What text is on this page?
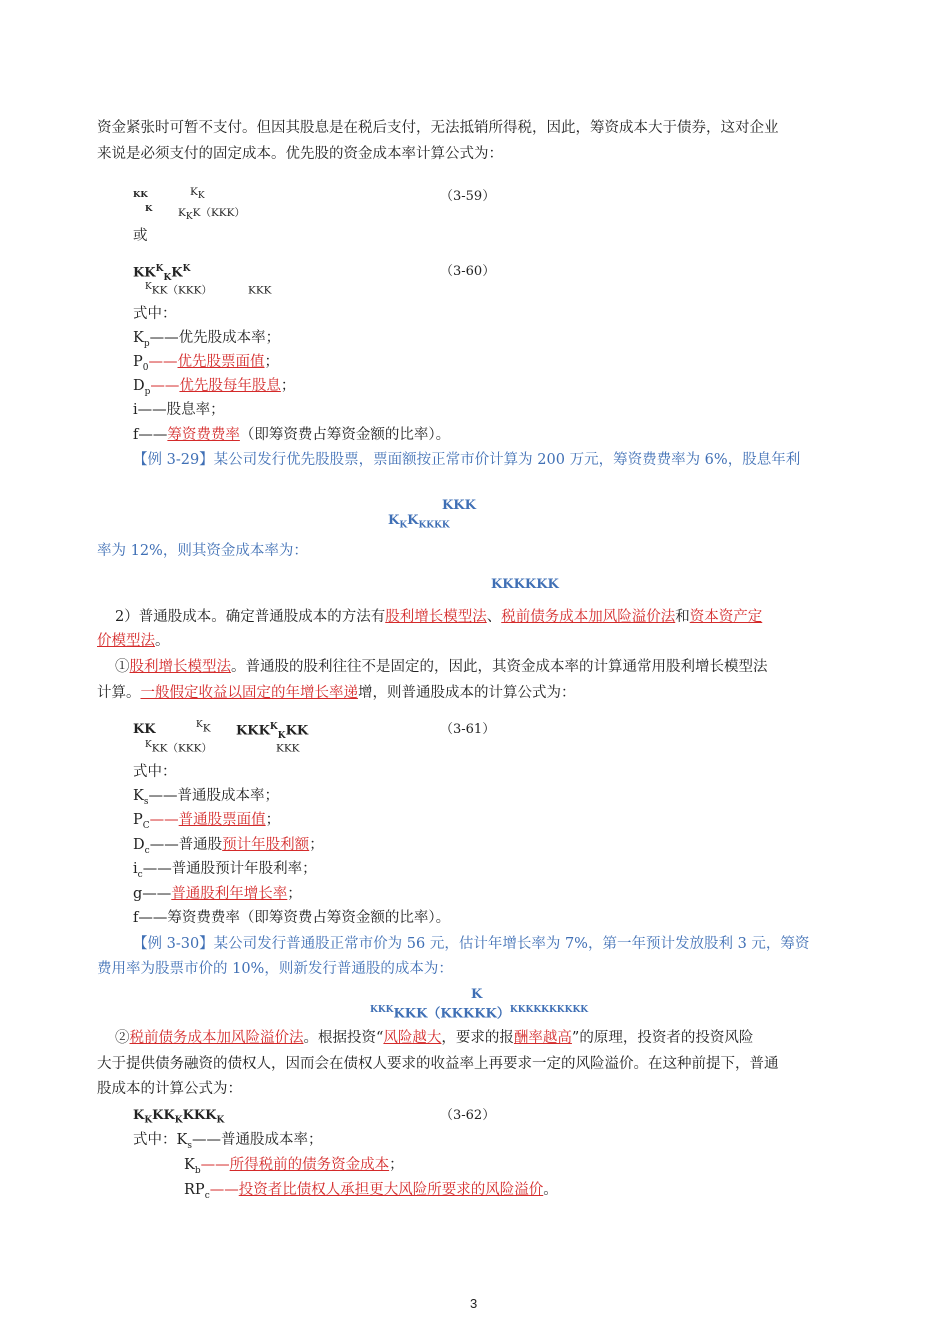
资金紧张时可暂不支付。但因其股息是在税后支付，无法抵销所得税，因此，筹资成本大于债券，这对企业
来说是必须支付的固定成本。优先股的资金成本率计算公式为：
KK
K
$K_K$
$K_KK(KKK)$
（3-59）
或
$KK^K_KK^K$
$^K$KK（KKK）	KKK
（3-60）
式中：
$K_p——$优先股成本率；
$P_0——$优先股票面值；
$D_p——$优先股每年股息；
i——股息率；
f——筹资费费率（即筹资费占筹资金额的比率）。
【例 3-29】某公司发行优先股股票，票面额按正常市价计算为 200 万元，筹资费费率为 6%，股息年利
KKK
$K_KK_{KKKK}$
率为 12%，则其资金成本率为：
KKKKKK
2）普通股成本。确定普通股成本的方法有股利增长模型法、税前债务成本加风险溢价法和资本资产定
价模型法。
①股利增长模型法。普通股的股利往往不是固定的，因此，其资金成本率的计算通常用股利增长模型法
计算。一般假定收益以固定的年增长率递增，则普通股成本的计算公式为：
KK	$^K$K $KKK^K_KKK$
$^K$KK（KKK）	KKK
（3-61）
式中：
$K_s——$普通股成本率；
$P_C——$普通股票面值；
$D_c——$普通股预计年股利额；
$i_c——$普通股预计年股利率；
g——普通股利年增长率；
f——筹资费费率（即筹资费占筹资金额的比率）。
【例 3-30】某公司发行普通股正常市价为 56 元，估计年增长率为 7%，第一年预计发放股利 3 元，筹资
费用率为股票市价的 10%，则新发行普通股的成本为：
K
$^{KKK}$KKK（KKKKK）$^{KKKKKKKKKK}$
②税前债务成本加风险溢价法。根据投资“风险越大，要求的报酬率越高”的原理，投资者的投资风险
大于提供债务融资的债权人，因而会在债权人要求的收益率上再要求一定的风险溢价。在这种前提下，普通
股成本的计算公式为：
$K_KKK_KKKK_K$	（3-62）
式中：$K_s——$普通股成本率；
$K_b——$所得税前的债务资金成本；
$RP_c——$投资者比债权人承担更大风险所要求的风险溢价。
3
